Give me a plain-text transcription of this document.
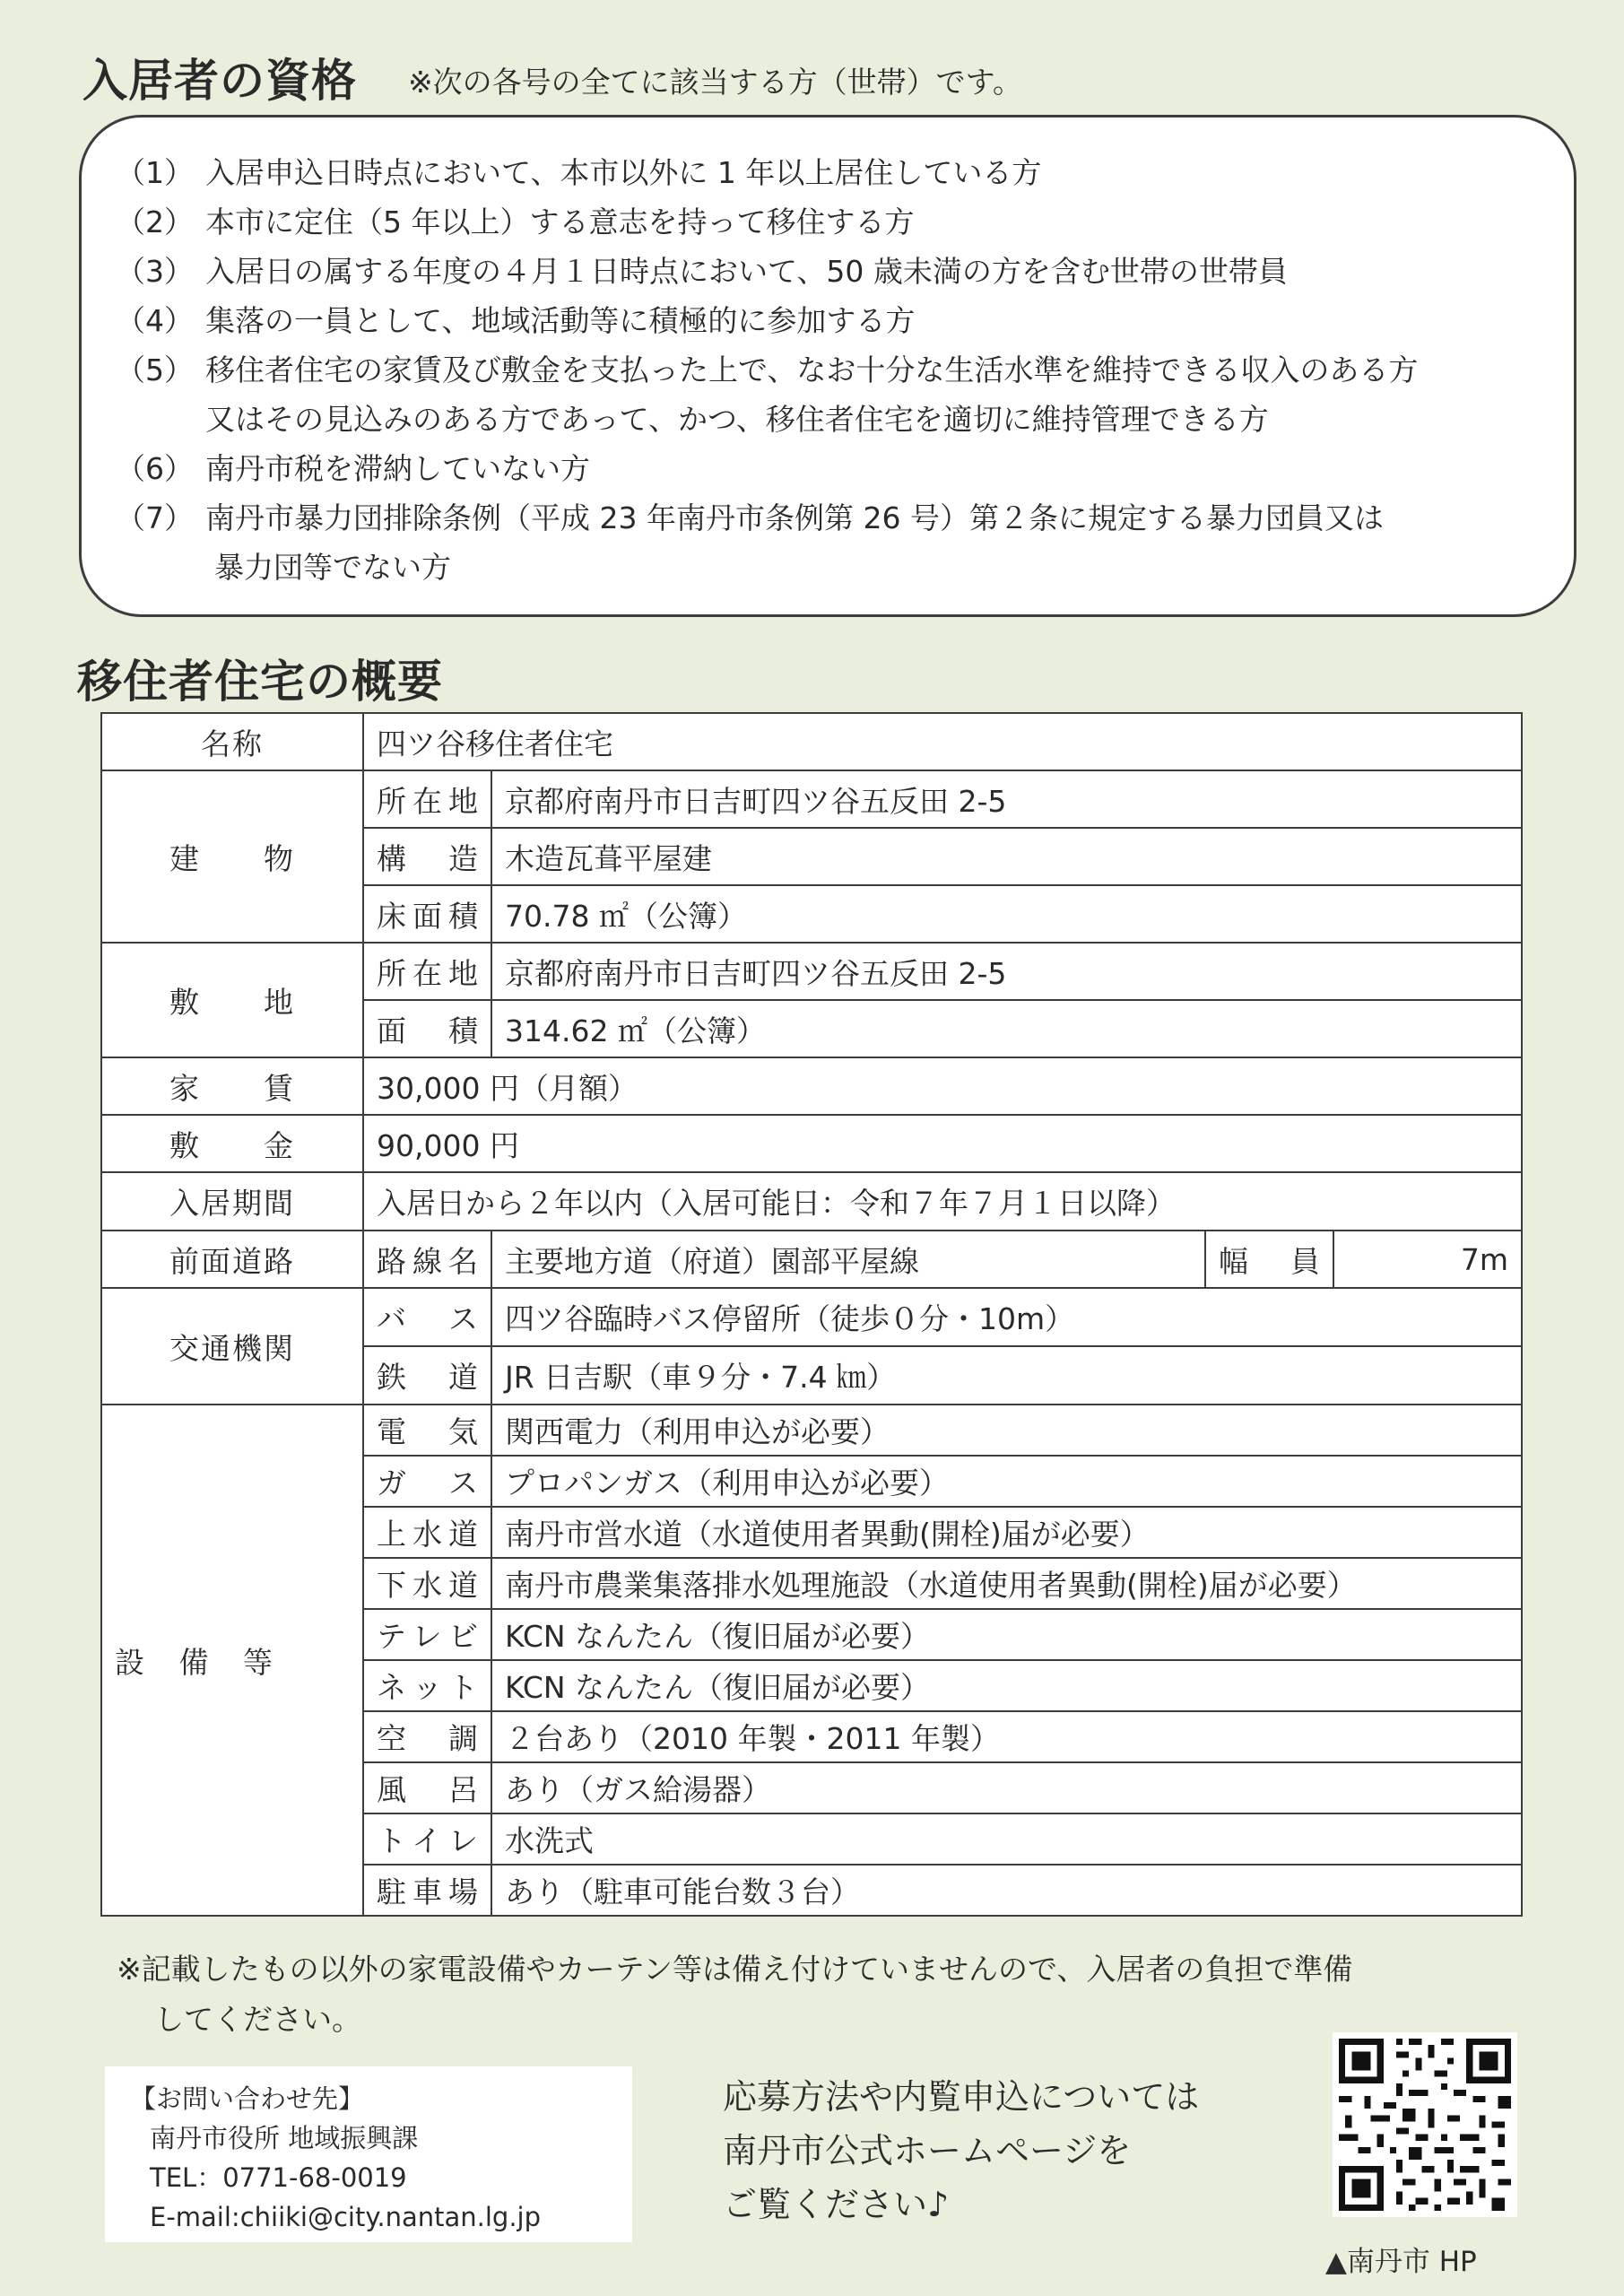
入居者の資格 ※次の各号の全てに該当する方（世帯）です。
（1） 入居申込日時点において、本市以外に 1 年以上居住している方
（2） 本市に定住（5 年以上）する意志を持って移住する方
（3） 入居日の属する年度の４月１日時点において、50 歳未満の方を含む世帯の世帯員
（4） 集落の一員として、地域活動等に積極的に参加する方
（5） 移住者住宅の家賃及び敷金を支払った上で、なお十分な生活水準を維持できる収入のある方
又はその見込みのある方であって、かつ、移住者住宅を適切に維持管理できる方
（6） 南丹市税を滞納していない方
（7） 南丹市暴力団排除条例（平成 23 年南丹市条例第 26 号）第２条に規定する暴力団員又は
暴力団等でない方
移住者住宅の概要
名称	四ツ谷移住者住宅			
建　　物	所在地	京都府南丹市日吉町四ツ谷五反田 2-5		
	構　造	木造瓦葺平屋建		
	床面積	70.78 ㎡（公簿）		
敷　　地	所在地	京都府南丹市日吉町四ツ谷五反田 2-5		
	面　積	314.62 ㎡（公簿）		
家　　賃	30,000 円（月額）			
敷　　金	90,000 円			
入居期間	入居日から２年以内（入居可能日：令和７年７月１日以降）			
前面道路	路線名	主要地方道（府道）園部平屋線	幅　員	7m
交通機関	バ　ス	四ツ谷臨時バス停留所（徒歩０分・10m）		
	鉄　道	JR 日吉駅（車９分・7.4 ㎞）		
設 備 等	電　気	関西電力（利用申込が必要）		
	ガ　ス	プロパンガス（利用申込が必要）		
	上水道	南丹市営水道（水道使用者異動(開栓)届が必要）		
	下水道	南丹市農業集落排水処理施設（水道使用者異動(開栓)届が必要）		
	テレビ	KCN なんたん（復旧届が必要）		
	ネット	KCN なんたん（復旧届が必要）		
	空　調	２台あり（2010 年製・2011 年製）		
	風　呂	あり（ガス給湯器）		
	トイレ	水洗式		
	駐車場	あり（駐車可能台数３台）		
※記載したもの以外の家電設備やカーテン等は備え付けていませんので、入居者の負担で準備
してください。
【お問い合わせ先】
南丹市役所 地域振興課
TEL：0771-68-0019
E-mail:chiiki@city.nantan.lg.jp
応募方法や内覧申込については
南丹市公式ホームページを
ご覧ください♪
▲南丹市 HP
